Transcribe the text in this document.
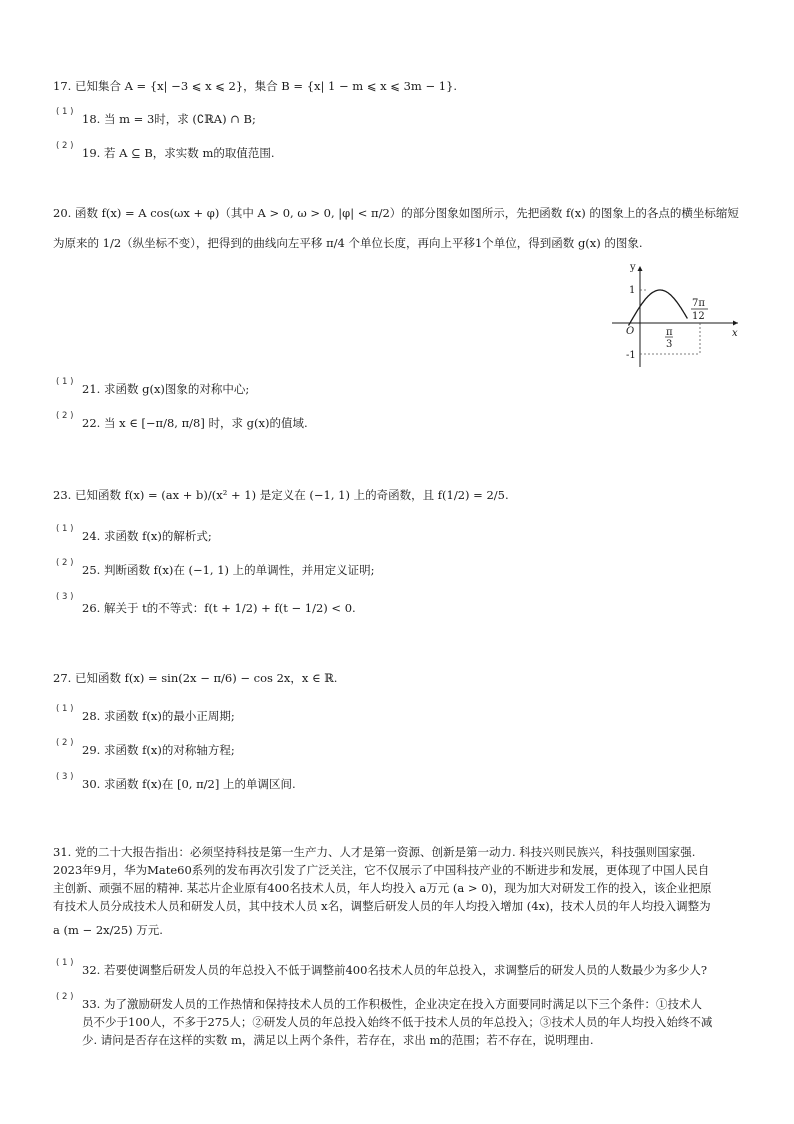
17. 已知集合 A = {x| −3 ⩽ x ⩽ 2}，集合 B = {x| 1 − m ⩽ x ⩽ 3m − 1}.
( 1 ) 18. 当 m = 3时，求 (∁ℝA) ∩ B;
( 2 ) 19. 若 A ⊆ B，求实数 m的取值范围.
20. 函数 f(x) = A cos(ωx + φ)（其中 A > 0, ω > 0, |φ| < π/2）的部分图象如图所示，先把函数 f(x) 的图象上的各点的横坐标缩短
为原来的 1/2（纵坐标不变），把得到的曲线向左平移 π/4 个单位长度，再向上平移1个单位，得到函数 g(x) 的图象.
y
x
O
1
-1
π
3
7π
12
( 1 ) 21. 求函数 g(x)图象的对称中心;
( 2 ) 22. 当 x ∈ [−π/8, π/8] 时，求 g(x)的值域.
23. 已知函数 f(x) = (ax + b)/(x² + 1) 是定义在 (−1, 1) 上的奇函数，且 f(1/2) = 2/5.
( 1 ) 24. 求函数 f(x)的解析式;
( 2 ) 25. 判断函数 f(x)在 (−1, 1) 上的单调性，并用定义证明;
( 3 )
26. 解关于 t的不等式：f(t + 1/2) + f(t − 1/2) < 0.
27. 已知函数 f(x) = sin(2x − π/6) − cos 2x，x ∈ ℝ.
( 1 ) 28. 求函数 f(x)的最小正周期;
( 2 ) 29. 求函数 f(x)的对称轴方程;
( 3 ) 30. 求函数 f(x)在 [0, π/2] 上的单调区间.
31. 党的二十大报告指出：必须坚持科技是第一生产力、人才是第一资源、创新是第一动力. 科技兴则民族兴，科技强则国家强.
2023年9月，华为Mate60系列的发布再次引发了广泛关注，它不仅展示了中国科技产业的不断进步和发展，更体现了中国人民自
主创新、顽强不屈的精神. 某芯片企业原有400名技术人员，年人均投入 a万元 (a > 0)，现为加大对研发工作的投入，该企业把原
有技术人员分成技术人员和研发人员，其中技术人员 x名，调整后研发人员的年人均投入增加 (4x)，技术人员的年人均投入调整为
a (m − 2x/25) 万元.
( 1 ) 32. 若要使调整后研发人员的年总投入不低于调整前400名技术人员的年总投入，求调整后的研发人员的人数最少为多少人?
( 2 ) 33. 为了激励研发人员的工作热情和保持技术人员的工作积极性，企业决定在投入方面要同时满足以下三个条件：①技术人
员不少于100人，不多于275人；②研发人员的年总投入始终不低于技术人员的年总投入；③技术人员的年人均投入始终不减
少. 请问是否存在这样的实数 m，满足以上两个条件，若存在，求出 m的范围；若不存在，说明理由.
